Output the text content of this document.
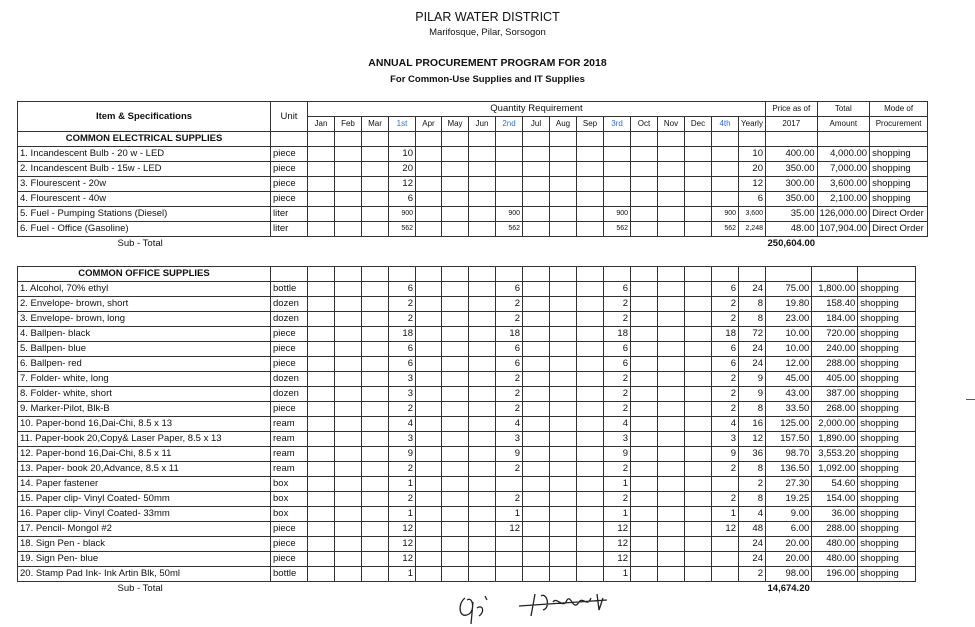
PILAR WATER DISTRICT
Marifosque, Pilar, Sorsogon
ANNUAL PROCUREMENT PROGRAM FOR 2018
For Common-Use Supplies and IT Supplies
Item & Specifications	Unit	Quantity Requirement																	Price as of	Total	Mode of
		Jan	Feb	Mar	1st	Apr	May	Jun	2nd	Jul	Aug	Sep	3rd	Oct	Nov	Dec	4th	Yearly	2017	Amount	Procurement
COMMON ELECTRICAL SUPPLIES																					
1. Incandescent Bulb - 20 w - LED	piece				10													10	400.00	4,000.00	shopping
2. Incandescent Bulb - 15w - LED	piece				20													20	350.00	7,000.00	shopping
3. Flourescent - 20w	piece				12													12	300.00	3,600.00	shopping
4. Flourescent - 40w	piece				6													6	350.00	2,100.00	shopping
5. Fuel - Pumping Stations (Diesel)	liter				900				900				900				900	3,600	35.00	126,000.00	Direct Order
6. Fuel - Office (Gasoline)	liter				562				562				562				562	2,248	48.00	107,904.00	Direct Order
Sub - Total																			250,604.00		
COMMON OFFICE SUPPLIES																					
1. Alcohol, 70% ethyl	bottle				6				6				6				6	24	75.00	1,800.00	shopping
2. Envelope- brown, short	dozen				2				2				2				2	8	19.80	158.40	shopping
3. Envelope- brown, long	dozen				2				2				2				2	8	23.00	184.00	shopping
4. Ballpen- black	piece				18				18				18				18	72	10.00	720.00	shopping
5. Ballpen- blue	piece				6				6				6				6	24	10.00	240.00	shopping
6. Ballpen- red	piece				6				6				6				6	24	12.00	288.00	shopping
7. Folder- white, long	dozen				3				2				2				2	9	45.00	405.00	shopping
8. Folder- white, short	dozen				3				2				2				2	9	43.00	387.00	shopping
9. Marker-Pilot, Blk-B	piece				2				2				2				2	8	33.50	268.00	shopping
10. Paper-bond 16,Dai-Chi, 8.5 x 13	ream				4				4				4				4	16	125.00	2,000.00	shopping
11. Paper-book 20,Copy& Laser Paper, 8.5 x 13	ream				3				3				3				3	12	157.50	1,890.00	shopping
12. Paper-bond 16,Dai-Chi, 8.5 x 11	ream				9				9				9				9	36	98.70	3,553.20	shopping
13. Paper- book 20,Advance, 8.5 x 11	ream				2				2				2				2	8	136.50	1,092.00	shopping
14. Paper fastener	box				1								1					2	27.30	54.60	shopping
15. Paper clip- Vinyl Coated- 50mm	box				2				2				2				2	8	19.25	154.00	shopping
16. Paper clip- Vinyl Coated- 33mm	box				1				1				1				1	4	9.00	36.00	shopping
17. Pencil- Mongol #2	piece				12				12				12				12	48	6.00	288.00	shopping
18. Sign Pen - black	piece				12								12					24	20.00	480.00	shopping
19. Sign Pen- blue	piece				12								12					24	20.00	480.00	shopping
20. Stamp Pad Ink- Ink Artin Blk, 50ml	bottle				1								1					2	98.00	196.00	shopping
Sub - Total																			14,674.20		
